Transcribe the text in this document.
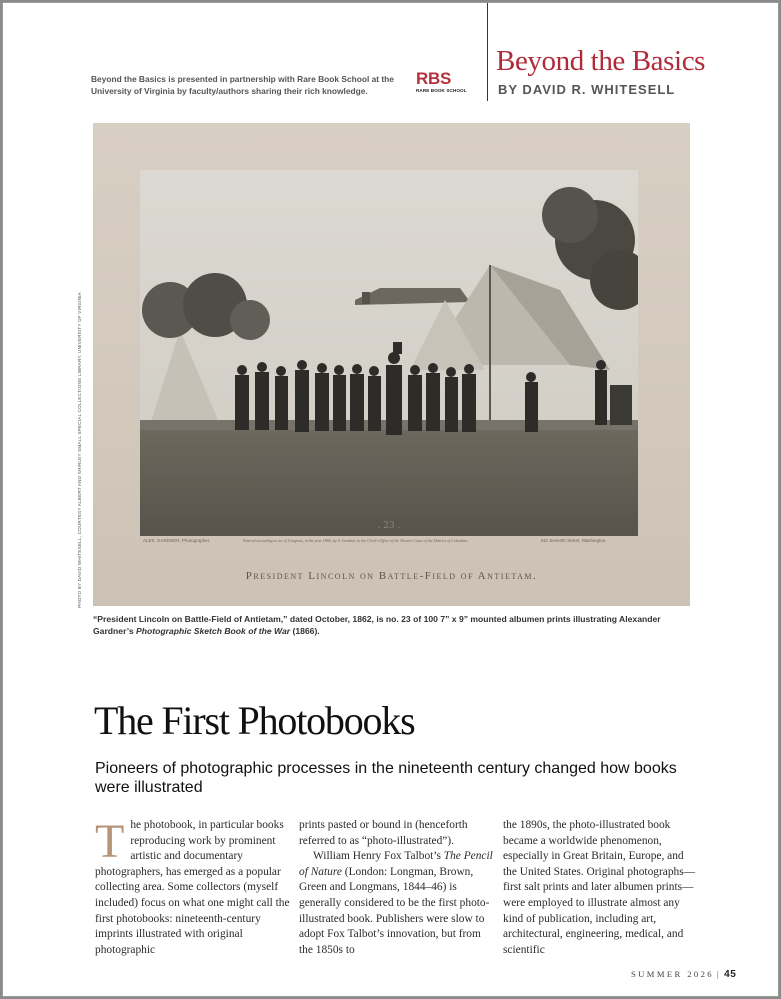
Beyond the Basics is presented in partnership with Rare Book School at the University of Virginia by faculty/authors sharing their rich knowledge.
RBS
RARE BOOK SCHOOL
Beyond the Basics
BY DAVID R. WHITESELL
. 23 .
ALEX. GARDNER, Photographer.	Entered according to act of Congress, in the year 1866, by A. Gardner, in the Clerk's Office of the District Court of the District of Columbia.	511 Seventh Street, Washington.
President Lincoln on Battle-Field of Antietam.
PHOTO BY DAVID WHITESELL, COURTESY ALBERT AND SHIRLEY SMALL SPECIAL COLLECTIONS LIBRARY, UNIVERSITY OF VIRGINIA
“President Lincoln on Battle-Field of Antietam,” dated October, 1862, is no. 23 of 100 7” x 9” mounted albumen prints illustrating Alexander Gardner’s Photographic Sketch Book of the War (1866).
The First Photobooks
Pioneers of photographic processes in the nineteenth century changed how books were illustrated

The photobook, in particular books reproducing work by prominent artistic and documentary photographers, has emerged as a popular collecting area. Some collectors (myself included) focus on what one might call the first photobooks: nineteenth-century imprints illustrated with original photographic

prints pasted or bound in (henceforth referred to as “photo-illustrated”).

William Henry Fox Talbot’s The Pencil of Nature (London: Longman, Brown, Green and Longmans, 1844–46) is generally considered to be the first photo-illustrated book. Publishers were slow to adopt Fox Talbot’s innovation, but from the 1850s to

the 1890s, the photo-illustrated book became a worldwide phenomenon, especially in Great Britain, Europe, and the United States. Original photographs—first salt prints and later albumen prints—were employed to illustrate almost any kind of publication, including art, architectural, engineering, medical, and scientific

SUMMER 2026 | 45
